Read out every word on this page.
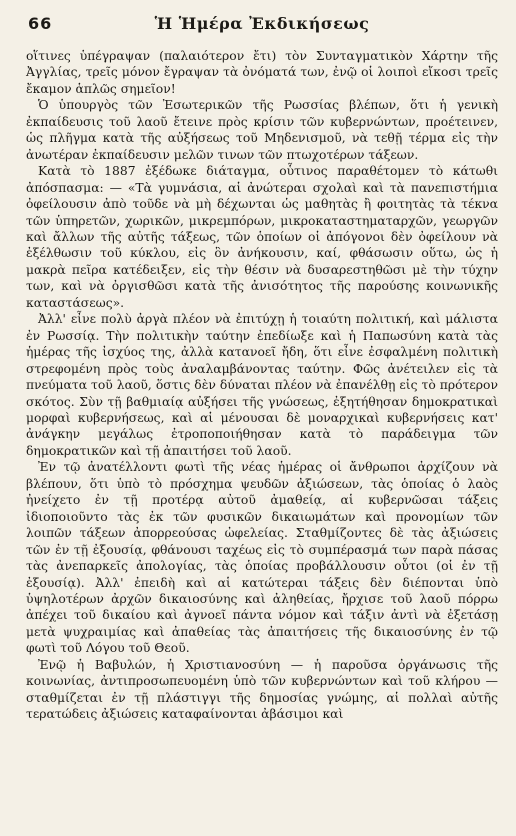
66	Ἡ Ἡμέρα Ἐκδικήσεως

οἵτινες ὑπέγραψαν (παλαιότερον ἔτι) τὸν Συνταγματικὸν Χάρτην τῆς Ἀγγλίας, τρεῖς μόνον ἔγραψαν τὰ ὀνόματά των, ἐνῷ οἱ λοιποὶ εἴκοσι τρεῖς ἔκαμον ἁπλῶς σημεῖον!

Ὁ ὑπουργὸς τῶν Ἐσωτερικῶν τῆς Ρωσσίας βλέπων, ὅτι ἡ γενικὴ ἐκπαίδευσις τοῦ λαοῦ ἔτεινε πρὸς κρίσιν τῶν κυβερνώντων, προέτεινεν, ὡς πλῆγμα κατὰ τῆς αὐξήσεως τοῦ Μηδενισμοῦ, νὰ τεθῇ τέρμα εἰς τὴν ἀνωτέραν ἐκπαίδευσιν μελῶν τινων τῶν πτωχοτέρων τάξεων.

Κατὰ τὸ 1887 ἐξέδωκε διάταγμα, οὗτινος παραθέτομεν τὸ κάτωθι ἀπόσπασμα: — «Τὰ γυμνάσια, αἱ ἀνώτεραι σχολαὶ καὶ τὰ πανεπιστήμια ὀφείλουσιν ἀπὸ τοῦδε νὰ μὴ δέχωνται ὡς μαθητὰς ἢ φοιτητὰς τὰ τέκνα τῶν ὑπηρετῶν, χωρικῶν, μικρεμπόρων, μικροκαταστηματαρχῶν, γεωργῶν καὶ ἄλλων τῆς αὐτῆς τάξεως, τῶν ὁποίων οἱ ἀπόγονοι δὲν ὀφείλουν νὰ ἐξέλθωσιν τοῦ κύκλου, εἰς ὃν ἀνήκουσιν, καί, φθάσωσιν οὕτω, ὡς ἡ μακρὰ πεῖρα κατέδειξεν, εἰς τὴν θέσιν νὰ δυσαρεστηθῶσι μὲ τὴν τύχην των, καὶ νὰ ὀργισθῶσι κατὰ τῆς ἀνισότητος τῆς παρούσης κοινωνικῆς καταστάσεως».

Ἀλλ' εἶνε πολὺ ἀργὰ πλέον νὰ ἐπιτύχῃ ἡ τοιαύτη πολιτική, καὶ μάλιστα ἐν Ρωσσίᾳ. Τὴν πολιτικὴν ταύτην ἐπεδίωξε καὶ ἡ Παπωσύνη κατὰ τὰς ἡμέρας τῆς ἰσχύος της, ἀλλὰ κατανοεῖ ἤδη, ὅτι εἶνε ἐσφαλμένη πολιτικὴ στρεφομένη πρὸς τοὺς ἀναλαμβάνοντας ταύτην. Φῶς ἀνέτειλεν εἰς τὰ πνεύματα τοῦ λαοῦ, ὅστις δὲν δύναται πλέον νὰ ἐπανέλθῃ εἰς τὸ πρότερον σκότος. Σὺν τῇ βαθμιαίᾳ αὐξήσει τῆς γνώσεως, ἐξητήθησαν δημοκρατικαὶ μορφαὶ κυβερνήσεως, καὶ αἱ μένουσαι δὲ μοναρχικαὶ κυβερνήσεις κατ' ἀνάγκην μεγάλως ἐτροποποιήθησαν κατὰ τὸ παράδειγμα τῶν δημοκρατικῶν καὶ τῇ ἀπαιτήσει τοῦ λαοῦ.

Ἐν τῷ ἀνατέλλοντι φωτὶ τῆς νέας ἡμέρας οἱ ἄνθρωποι ἀρχίζουν νὰ βλέπουν, ὅτι ὑπὸ τὸ πρόσχημα ψευδῶν ἀξιώσεων, τὰς ὁποίας ὁ λαὸς ἠνείχετο ἐν τῇ προτέρᾳ αὐτοῦ ἀμαθείᾳ, αἱ κυβερνῶσαι τάξεις ἰδιοποιοῦντο τὰς ἐκ τῶν φυσικῶν δικαιωμάτων καὶ προνομίων τῶν λοιπῶν τάξεων ἀπορρεούσας ὠφελείας. Σταθμίζοντες δὲ τὰς ἀξιώσεις τῶν ἐν τῇ ἐξουσίᾳ, φθάνουσι ταχέως εἰς τὸ συμπέρασμά των παρὰ πάσας τὰς ἀνεπαρκεῖς ἀπολογίας, τὰς ὁποίας προβάλλουσιν οὗτοι (οἱ ἐν τῇ ἐξουσίᾳ). Ἀλλ' ἐπειδὴ καὶ αἱ κατώτεραι τάξεις δὲν διέπονται ὑπὸ ὑψηλοτέρων ἀρχῶν δικαιοσύνης καὶ ἀληθείας, ἤρχισε τοῦ λαοῦ πόρρω ἀπέχει τοῦ δικαίου καὶ ἀγνοεῖ πάντα νόμον καὶ τάξιν ἀντὶ νὰ ἐξετάσῃ μετὰ ψυχραιμίας καὶ ἀπαθείας τὰς ἀπαιτήσεις τῆς δικαιοσύνης ἐν τῷ φωτὶ τοῦ Λόγου τοῦ Θεοῦ.

Ἐνῷ ἡ Βαβυλών, ἡ Χριστιανοσύνη — ἡ παροῦσα ὀργάνωσις τῆς κοινωνίας, ἀντιπροσωπευομένη ὑπὸ τῶν κυβερνώντων καὶ τοῦ κλήρου — σταθμίζεται ἐν τῇ πλάστιγγι τῆς δημοσίας γνώμης, αἱ πολλαὶ αὐτῆς τερατώδεις ἀξιώσεις καταφαίνονται ἀβάσιμοι καὶ
